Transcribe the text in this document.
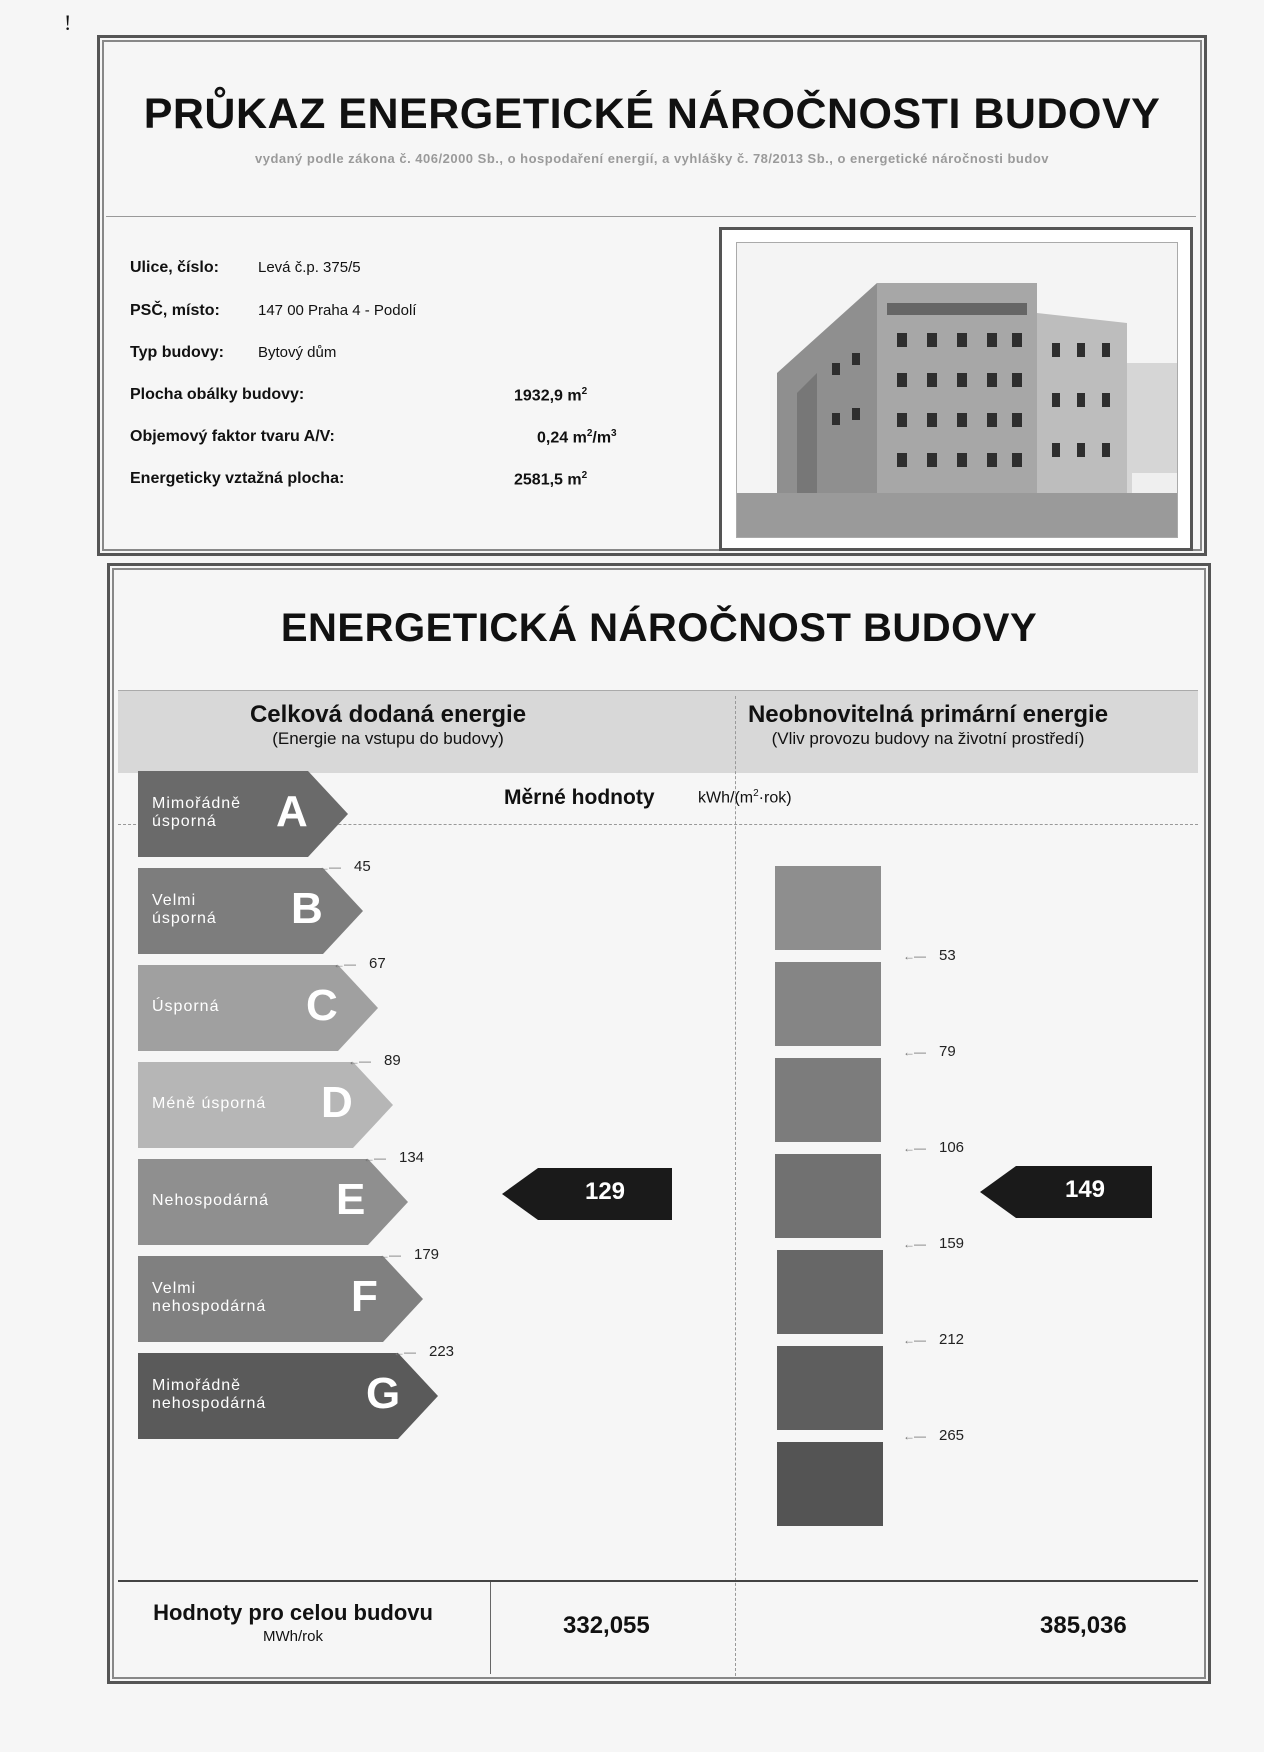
!
PRŮKAZ ENERGETICKÉ NÁROČNOSTI BUDOVY
vydaný podle zákona č. 406/2000 Sb., o hospodaření energií, a vyhlášky č. 78/2013 Sb., o energetické náročnosti budov
Ulice, číslo:	Levá č.p. 375/5
PSČ, místo:	147 00 Praha 4 - Podolí
Typ budovy: Bytový dům
Plocha obálky budovy:	1932,9 $m^2$
Objemový faktor tvaru A/V:	0,24 $m^2/m^3$
Energeticky vztažná plocha:	2581,5 $m^2$
ENERGETICKÁ NÁROČNOST BUDOVY
Celková dodaná energie
(Energie na vstupu do budovy)
Neobnovitelná primární energie
(Vliv provozu budovy na životní prostředí)
Měrné hodnoty	kWh/$(m^2\cdot rok)$
Mimořádně
úsporná	A
Velmi
úsporná B
Úsporná C
Méně úsporná D
Nehospodárná E
Velmi
nehospodárná F
Mimořádně
nehospodárná G
←— 45
←— 67
←— 89
←— 134
←— 179
←— 223
129
←— 53
←— 79
←— 106
←— 159
←— 212
←— 265
149
Hodnoty pro celou budovu
MWh/rok	332,055	385,036
